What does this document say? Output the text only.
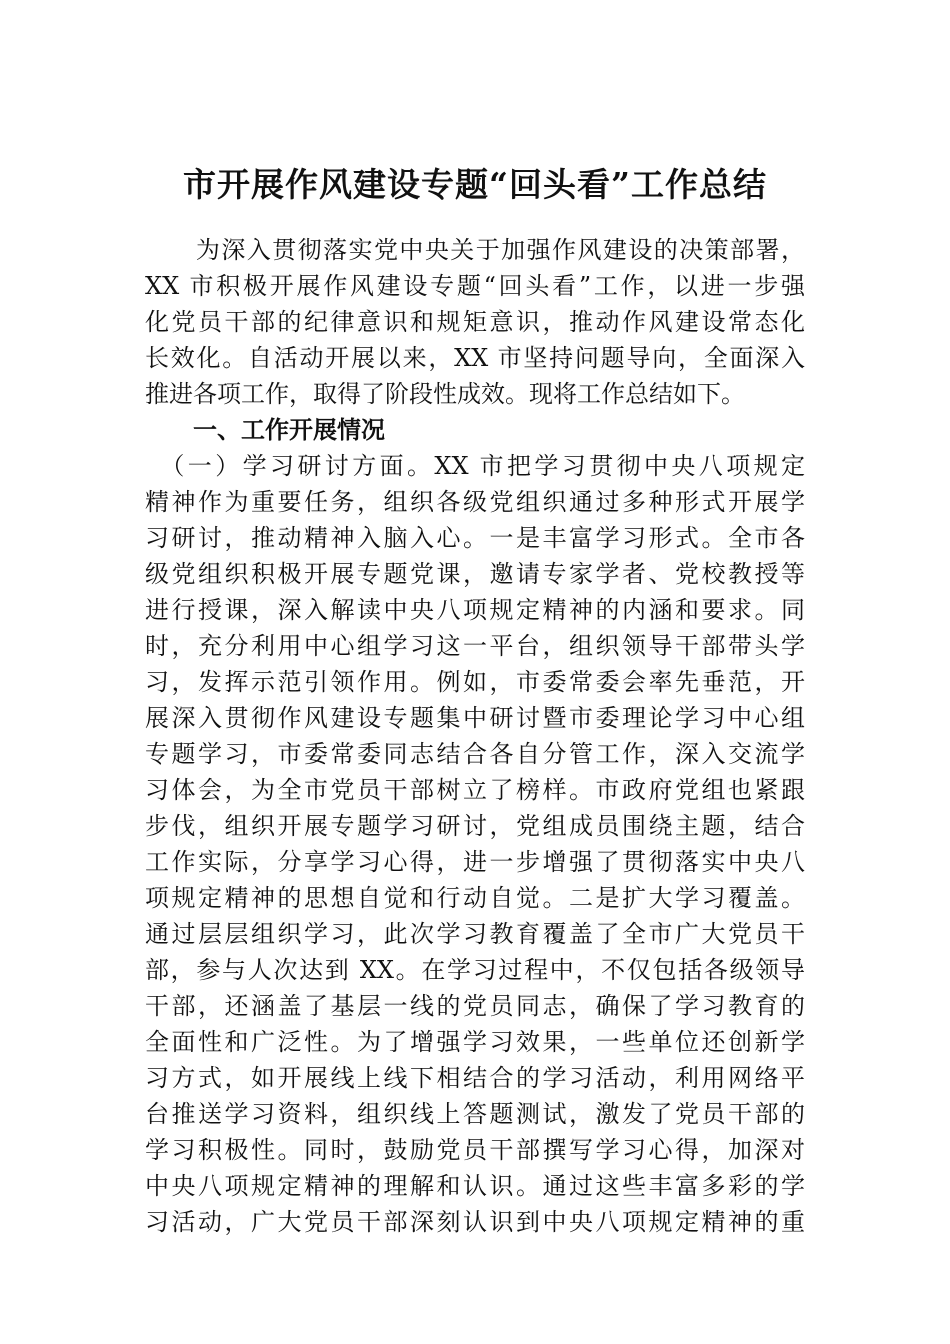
市开展作风建设专题“回头看”工作总结
　　为深入贯彻落实党中央关于加强作风建设的决策部署，
XX 市积极开展作风建设专题“回头看”工作，以进一步强
化党员干部的纪律意识和规矩意识，推动作风建设常态化
长效化。自活动开展以来，XX 市坚持问题导向，全面深入
推进各项工作，取得了阶段性成效。现将工作总结如下。
　　一、工作开展情况
　（一）学习研讨方面。XX 市把学习贯彻中央八项规定
精神作为重要任务，组织各级党组织通过多种形式开展学
习研讨，推动精神入脑入心。一是丰富学习形式。全市各
级党组织积极开展专题党课，邀请专家学者、党校教授等
进行授课，深入解读中央八项规定精神的内涵和要求。同
时，充分利用中心组学习这一平台，组织领导干部带头学
习，发挥示范引领作用。例如，市委常委会率先垂范，开
展深入贯彻作风建设专题集中研讨暨市委理论学习中心组
专题学习，市委常委同志结合各自分管工作，深入交流学
习体会，为全市党员干部树立了榜样。市政府党组也紧跟
步伐，组织开展专题学习研讨，党组成员围绕主题，结合
工作实际，分享学习心得，进一步增强了贯彻落实中央八
项规定精神的思想自觉和行动自觉。二是扩大学习覆盖。
通过层层组织学习，此次学习教育覆盖了全市广大党员干
部，参与人次达到 XX。在学习过程中，不仅包括各级领导
干部，还涵盖了基层一线的党员同志，确保了学习教育的
全面性和广泛性。为了增强学习效果，一些单位还创新学
习方式，如开展线上线下相结合的学习活动，利用网络平
台推送学习资料，组织线上答题测试，激发了党员干部的
学习积极性。同时，鼓励党员干部撰写学习心得，加深对
中央八项规定精神的理解和认识。通过这些丰富多彩的学
习活动，广大党员干部深刻认识到中央八项规定精神的重
